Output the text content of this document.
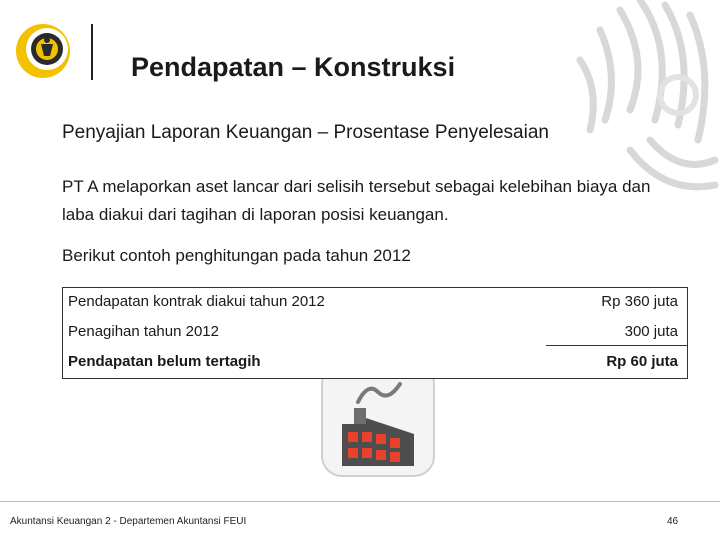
Pendapatan – Konstruksi
Penyajian Laporan Keuangan – Prosentase Penyelesaian
PT A melaporkan aset lancar dari selisih tersebut sebagai kelebihan biaya dan laba diakui dari tagihan di laporan posisi keuangan.
Berikut contoh penghitungan pada tahun 2012
Pendapatan kontrak diakui tahun 2012	Rp 360 juta
Penagihan tahun 2012	300 juta
Pendapatan belum tertagih	Rp 60 juta
Akuntansi Keuangan 2 - Departemen Akuntansi FEUI	46
